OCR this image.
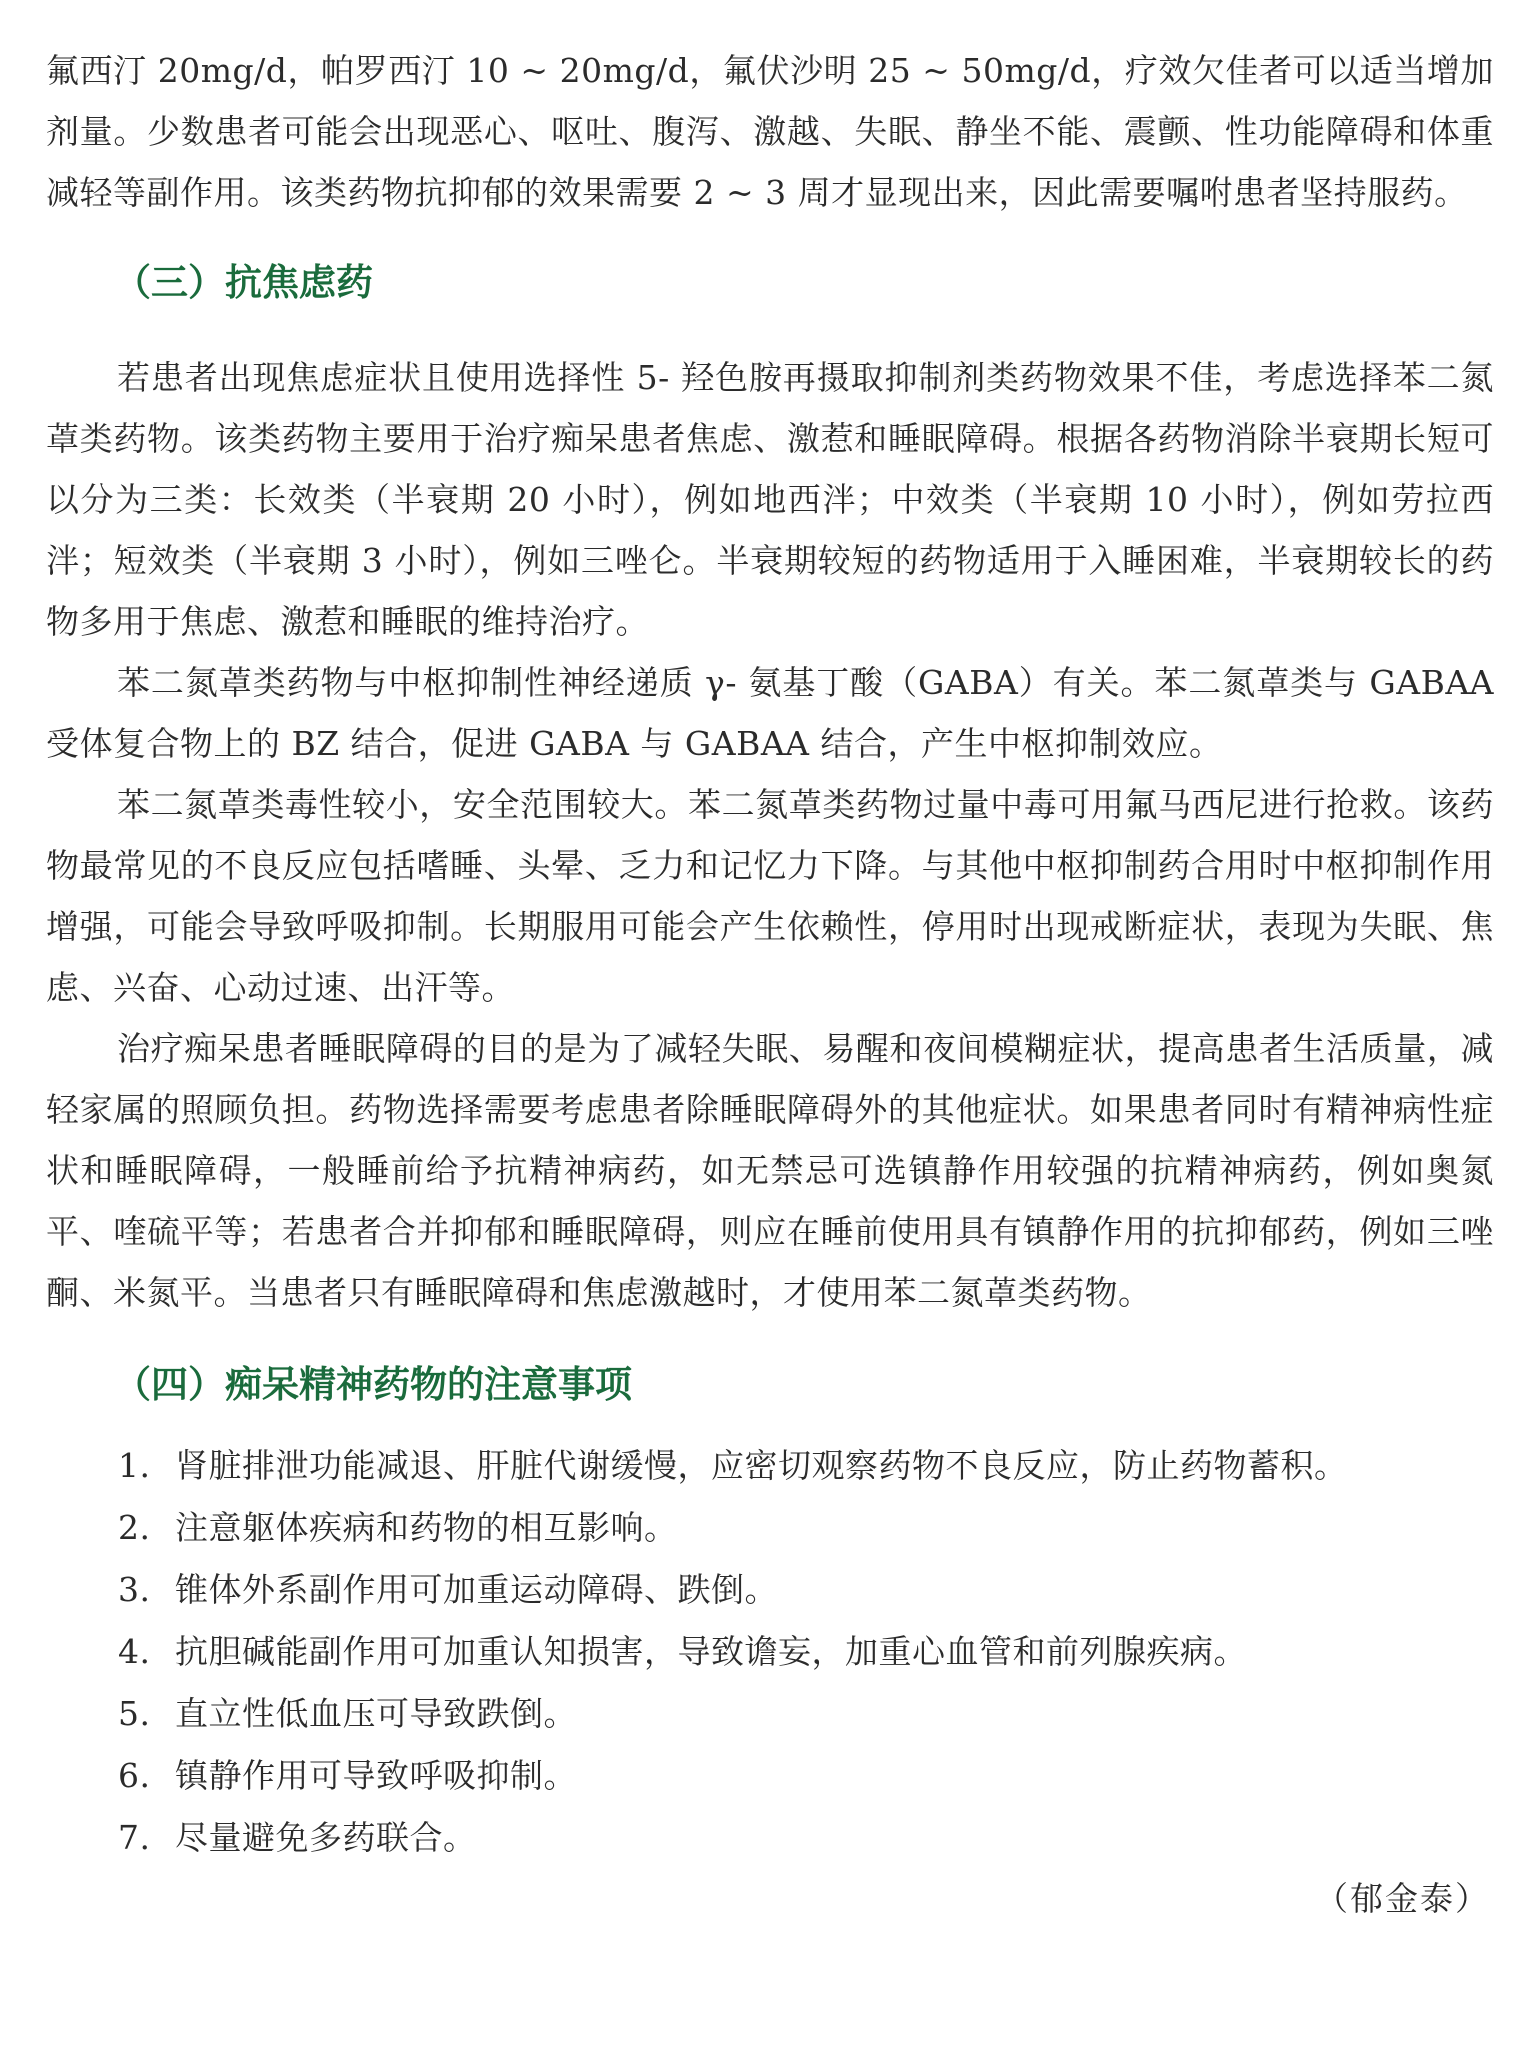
氟西汀 20mg/d，帕罗西汀 10 ~ 20mg/d，氟伏沙明 25 ~ 50mg/d，疗效欠佳者可以适当增加剂量。少数患者可能会出现恶心、呕吐、腹泻、激越、失眠、静坐不能、震颤、性功能障碍和体重减轻等副作用。该类药物抗抑郁的效果需要 2 ~ 3 周才显现出来，因此需要嘱咐患者坚持服药。

（三）抗焦虑药

若患者出现焦虑症状且使用选择性 5- 羟色胺再摄取抑制剂类药物效果不佳，考虑选择苯二氮䓬类药物。该类药物主要用于治疗痴呆患者焦虑、激惹和睡眠障碍。根据各药物消除半衰期长短可以分为三类：长效类（半衰期 20 小时），例如地西泮；中效类（半衰期 10 小时），例如劳拉西泮；短效类（半衰期 3 小时），例如三唑仑。半衰期较短的药物适用于入睡困难，半衰期较长的药物多用于焦虑、激惹和睡眠的维持治疗。

苯二氮䓬类药物与中枢抑制性神经递质 γ- 氨基丁酸（GABA）有关。苯二氮䓬类与 GABAA 受体复合物上的 BZ 结合，促进 GABA 与 GABAA 结合，产生中枢抑制效应。

苯二氮䓬类毒性较小，安全范围较大。苯二氮䓬类药物过量中毒可用氟马西尼进行抢救。该药物最常见的不良反应包括嗜睡、头晕、乏力和记忆力下降。与其他中枢抑制药合用时中枢抑制作用增强，可能会导致呼吸抑制。长期服用可能会产生依赖性，停用时出现戒断症状，表现为失眠、焦虑、兴奋、心动过速、出汗等。

治疗痴呆患者睡眠障碍的目的是为了减轻失眠、易醒和夜间模糊症状，提高患者生活质量，减轻家属的照顾负担。药物选择需要考虑患者除睡眠障碍外的其他症状。如果患者同时有精神病性症状和睡眠障碍，一般睡前给予抗精神病药，如无禁忌可选镇静作用较强的抗精神病药，例如奥氮平、喹硫平等；若患者合并抑郁和睡眠障碍，则应在睡前使用具有镇静作用的抗抑郁药，例如三唑酮、米氮平。当患者只有睡眠障碍和焦虑激越时，才使用苯二氮䓬类药物。

（四）痴呆精神药物的注意事项
1. 肾脏排泄功能减退、肝脏代谢缓慢，应密切观察药物不良反应，防止药物蓄积。
2. 注意躯体疾病和药物的相互影响。
3. 锥体外系副作用可加重运动障碍、跌倒。
4. 抗胆碱能副作用可加重认知损害，导致谵妄，加重心血管和前列腺疾病。
5. 直立性低血压可导致跌倒。
6. 镇静作用可导致呼吸抑制。
7. 尽量避免多药联合。
（郁金泰）
